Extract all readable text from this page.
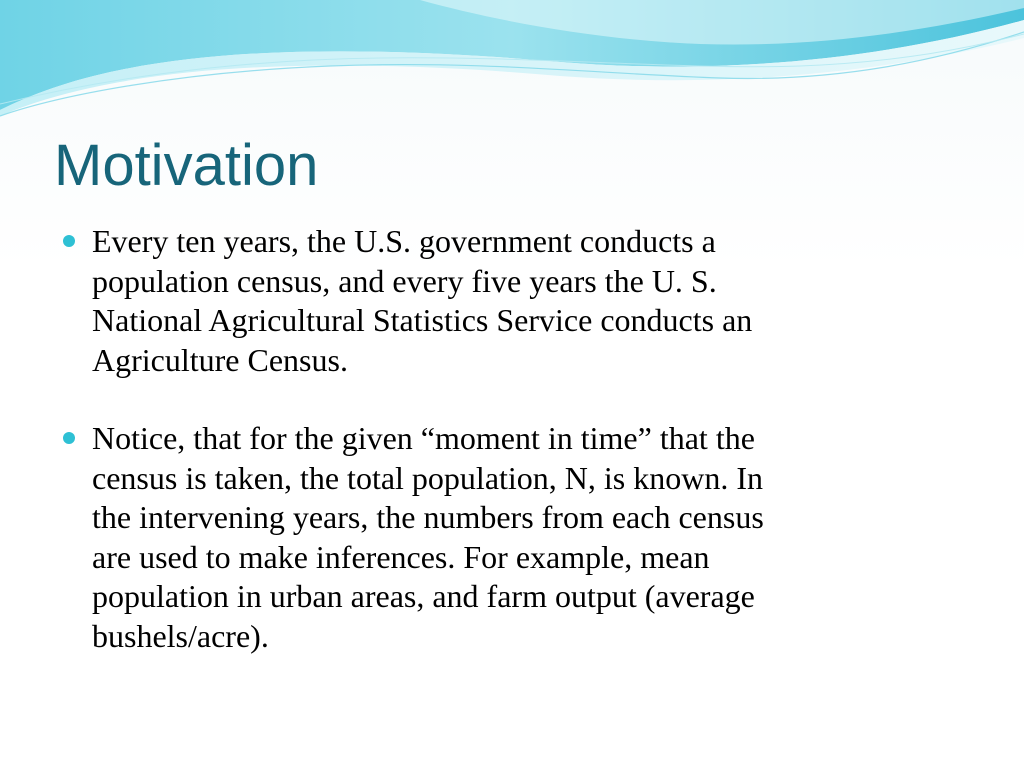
Motivation
Every ten years, the U.S. government conducts a
population census, and every five years the U. S.
National Agricultural Statistics Service conducts an
Agriculture Census.
Notice, that for the given “moment in time” that the
census is taken, the total population, N, is known. In
the intervening years, the numbers from each census
are used to make inferences. For example, mean
population in urban areas, and farm output (average
bushels/acre).
